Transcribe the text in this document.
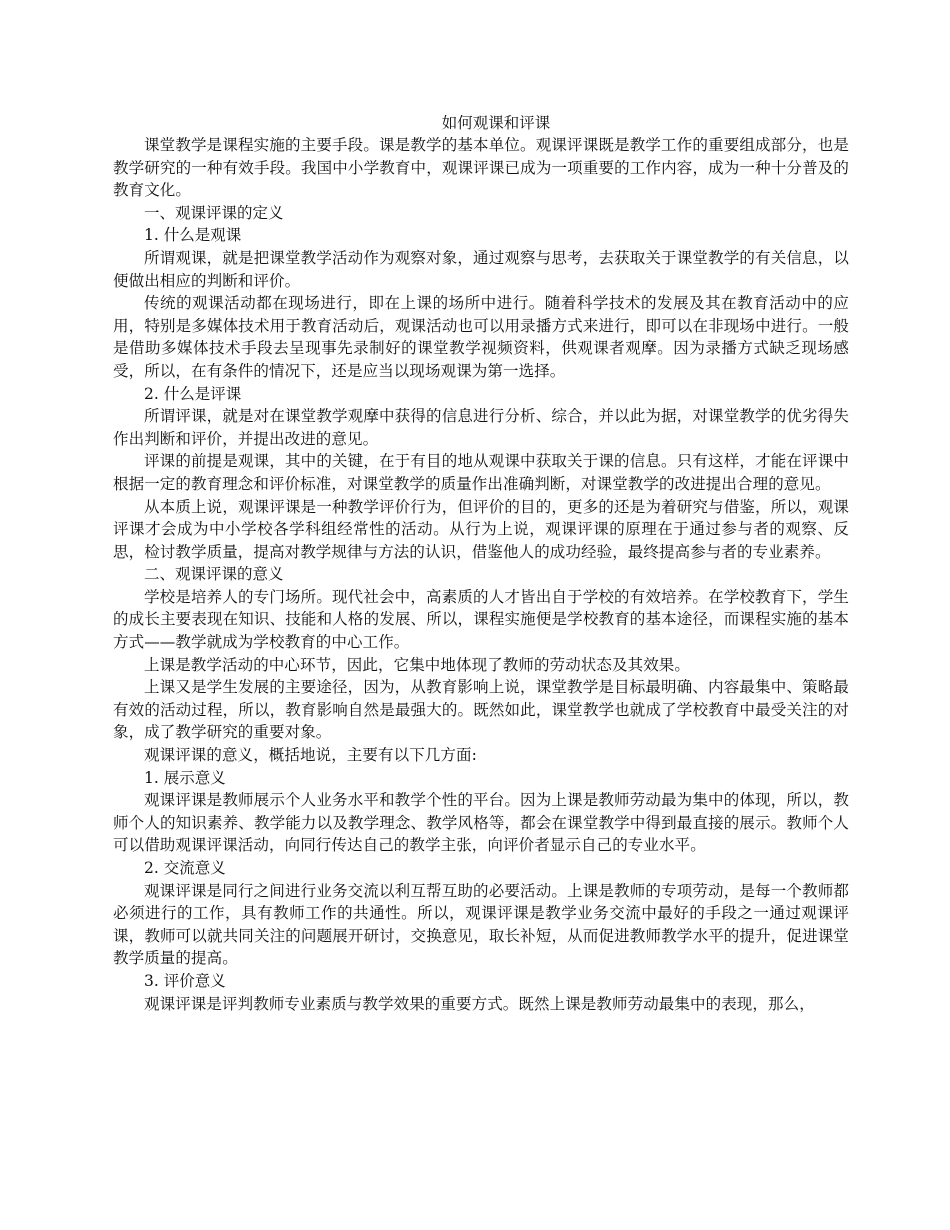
如何观课和评课

课堂教学是课程实施的主要手段。课是教学的基本单位。观课评课既是教学工作的重要组成部分，也是教学研究的一种有效手段。我国中小学教育中，观课评课已成为一项重要的工作内容，成为一种十分普及的教育文化。

一、观课评课的定义

1. 什么是观课

所谓观课，就是把课堂教学活动作为观察对象，通过观察与思考，去获取关于课堂教学的有关信息，以便做出相应的判断和评价。

传统的观课活动都在现场进行，即在上课的场所中进行。随着科学技术的发展及其在教育活动中的应用，特别是多媒体技术用于教育活动后，观课活动也可以用录播方式来进行，即可以在非现场中进行。一般是借助多媒体技术手段去呈现事先录制好的课堂教学视频资料，供观课者观摩。因为录播方式缺乏现场感受，所以，在有条件的情况下，还是应当以现场观课为第一选择。

2. 什么是评课

所谓评课，就是对在课堂教学观摩中获得的信息进行分析、综合，并以此为据，对课堂教学的优劣得失作出判断和评价，并提出改进的意见。

评课的前提是观课，其中的关键，在于有目的地从观课中获取关于课的信息。只有这样，才能在评课中根据一定的教育理念和评价标准，对课堂教学的质量作出准确判断，对课堂教学的改进提出合理的意见。

从本质上说，观课评课是一种教学评价行为，但评价的目的，更多的还是为着研究与借鉴，所以，观课评课才会成为中小学校各学科组经常性的活动。从行为上说，观课评课的原理在于通过参与者的观察、反思，检讨教学质量，提高对教学规律与方法的认识，借鉴他人的成功经验，最终提高参与者的专业素养。

二、观课评课的意义

学校是培养人的专门场所。现代社会中，高素质的人才皆出自于学校的有效培养。在学校教育下，学生的成长主要表现在知识、技能和人格的发展、所以，课程实施便是学校教育的基本途径，而课程实施的基本方式——教学就成为学校教育的中心工作。

上课是教学活动的中心环节，因此，它集中地体现了教师的劳动状态及其效果。

上课又是学生发展的主要途径，因为，从教育影响上说，课堂教学是目标最明确、内容最集中、策略最有效的活动过程，所以，教育影响自然是最强大的。既然如此，课堂教学也就成了学校教育中最受关注的对象，成了教学研究的重要对象。

观课评课的意义，概括地说，主要有以下几方面:

1. 展示意义

观课评课是教师展示个人业务水平和教学个性的平台。因为上课是教师劳动最为集中的体现，所以，教师个人的知识素养、教学能力以及教学理念、教学风格等，都会在课堂教学中得到最直接的展示。教师个人可以借助观课评课活动，向同行传达自己的教学主张，向评价者显示自己的专业水平。

2. 交流意义

观课评课是同行之间进行业务交流以利互帮互助的必要活动。上课是教师的专项劳动，是每一个教师都必须进行的工作，具有教师工作的共通性。所以，观课评课是教学业务交流中最好的手段之一通过观课评课，教师可以就共同关注的问题展开研讨，交换意见，取长补短，从而促进教师教学水平的提升，促进课堂教学质量的提高。

3. 评价意义

观课评课是评判教师专业素质与教学效果的重要方式。既然上课是教师劳动最集中的表现，那么，
